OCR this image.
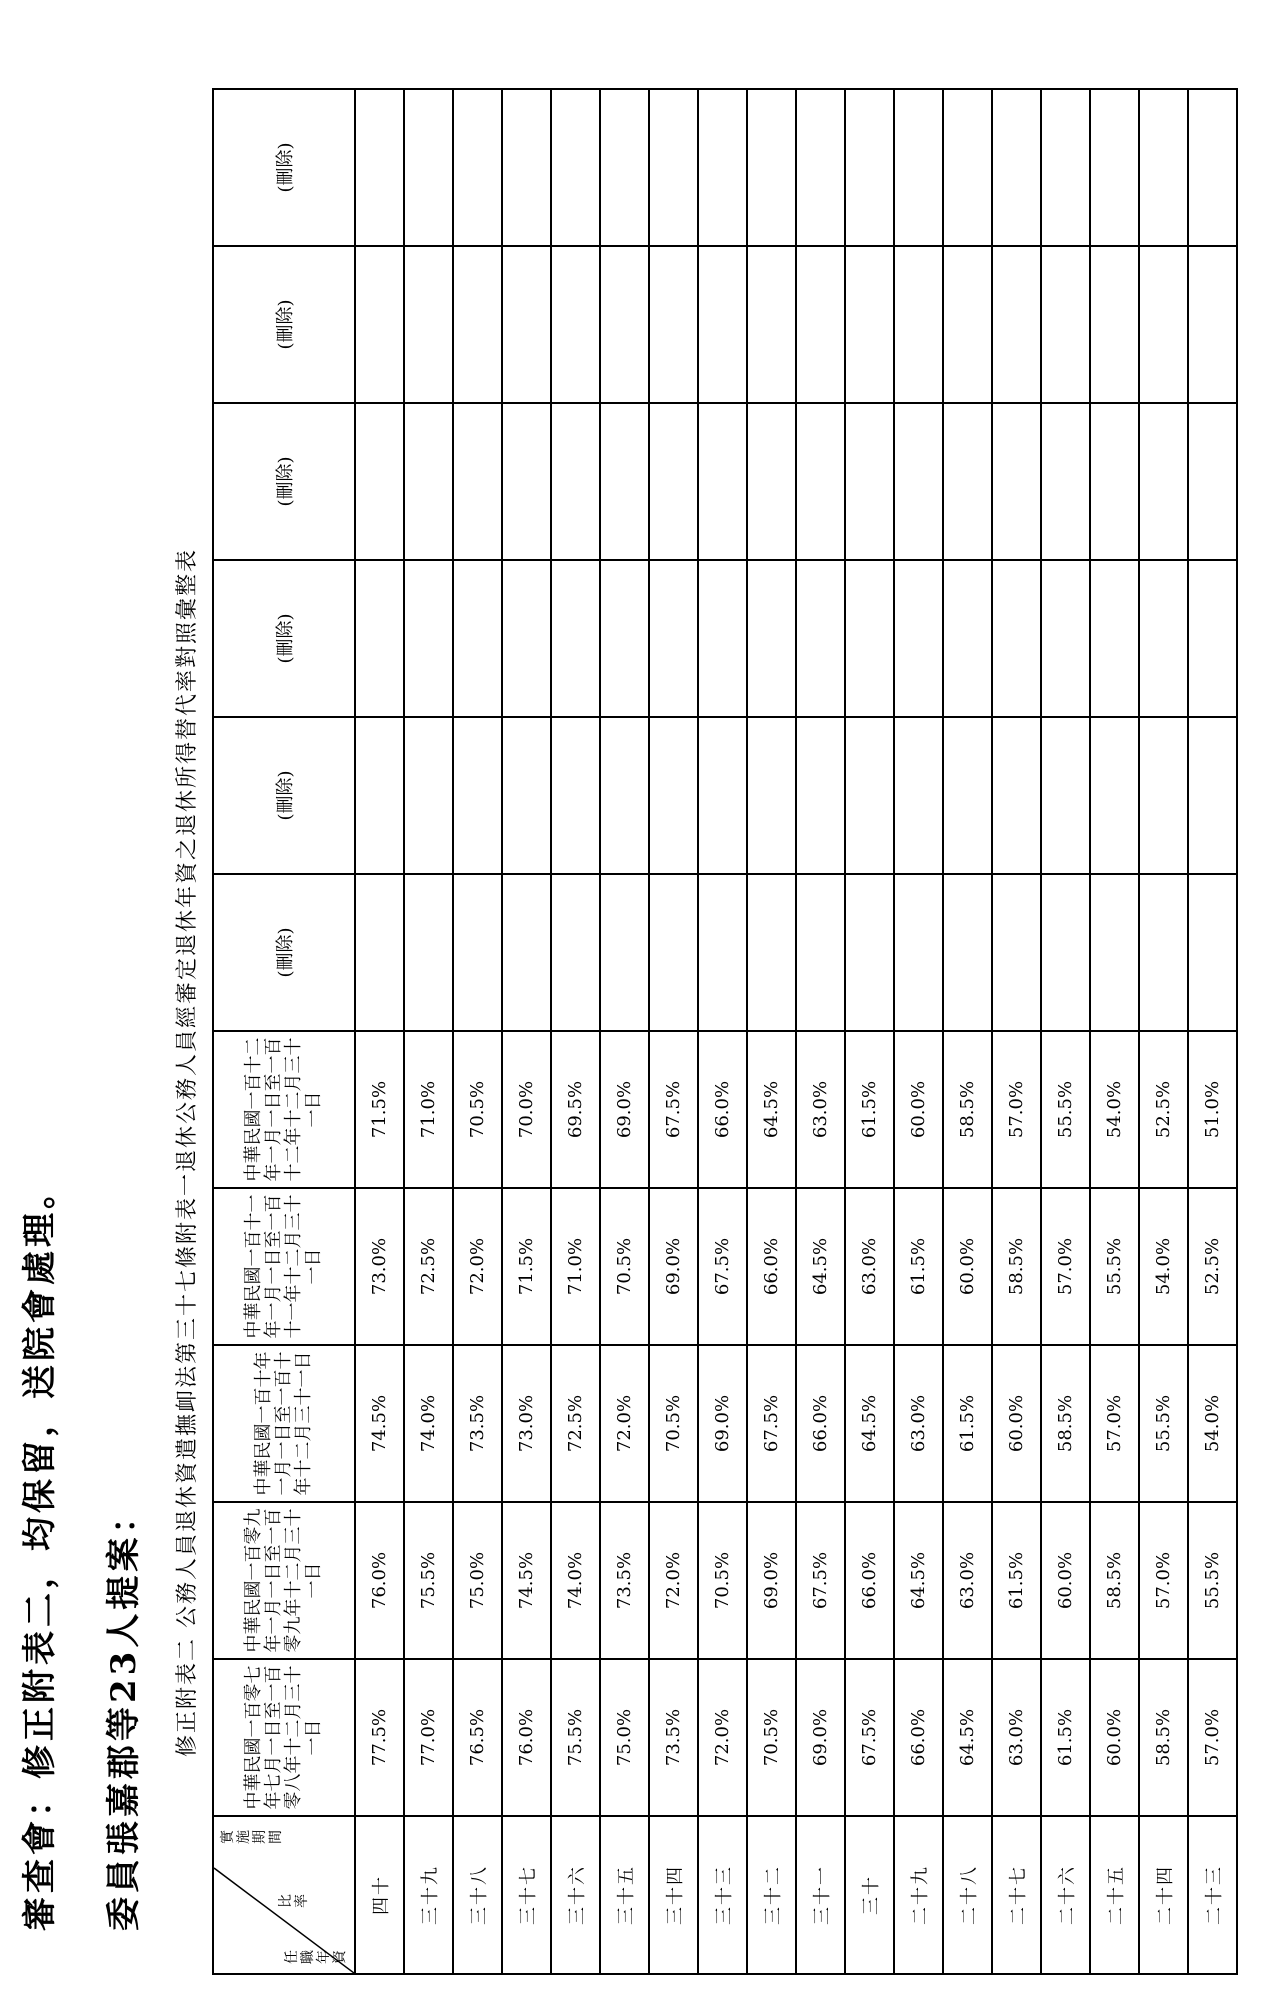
審查會：修正附表二，均保留，送院會處理。 委員張嘉郡等23人提案： 修正附表二 公務人員退休資遣撫卹法第三十七條附表一退休公務人員經審定退休年資之退休所得替代率對照彙整表
實施期間
比率
任職年資	中華民國一百零七年七月一日至一百零八年十二月三十一日	中華民國一百零九年一月一日至一百零九年十二月三十一日	中華民國一百十年一月一日至一百十年十二月三十一日	中華民國一百十一年一月一日至一百十一年十二月三十一日	中華民國一百十二年一月一日至一百十二年十二月三十一日	(刪除)	(刪除)	(刪除)	(刪除)	(刪除)	(刪除)
四十	77.5%	76.0%	74.5%	73.0%	71.5%						
三十九	77.0%	75.5%	74.0%	72.5%	71.0%						
三十八	76.5%	75.0%	73.5%	72.0%	70.5%						
三十七	76.0%	74.5%	73.0%	71.5%	70.0%						
三十六	75.5%	74.0%	72.5%	71.0%	69.5%						
三十五	75.0%	73.5%	72.0%	70.5%	69.0%						
三十四	73.5%	72.0%	70.5%	69.0%	67.5%						
三十三	72.0%	70.5%	69.0%	67.5%	66.0%						
三十二	70.5%	69.0%	67.5%	66.0%	64.5%						
三十一	69.0%	67.5%	66.0%	64.5%	63.0%						
三十	67.5%	66.0%	64.5%	63.0%	61.5%						
二十九	66.0%	64.5%	63.0%	61.5%	60.0%						
二十八	64.5%	63.0%	61.5%	60.0%	58.5%						
二十七	63.0%	61.5%	60.0%	58.5%	57.0%						
二十六	61.5%	60.0%	58.5%	57.0%	55.5%						
二十五	60.0%	58.5%	57.0%	55.5%	54.0%						
二十四	58.5%	57.0%	55.5%	54.0%	52.5%						
二十三	57.0%	55.5%	54.0%	52.5%	51.0%						
